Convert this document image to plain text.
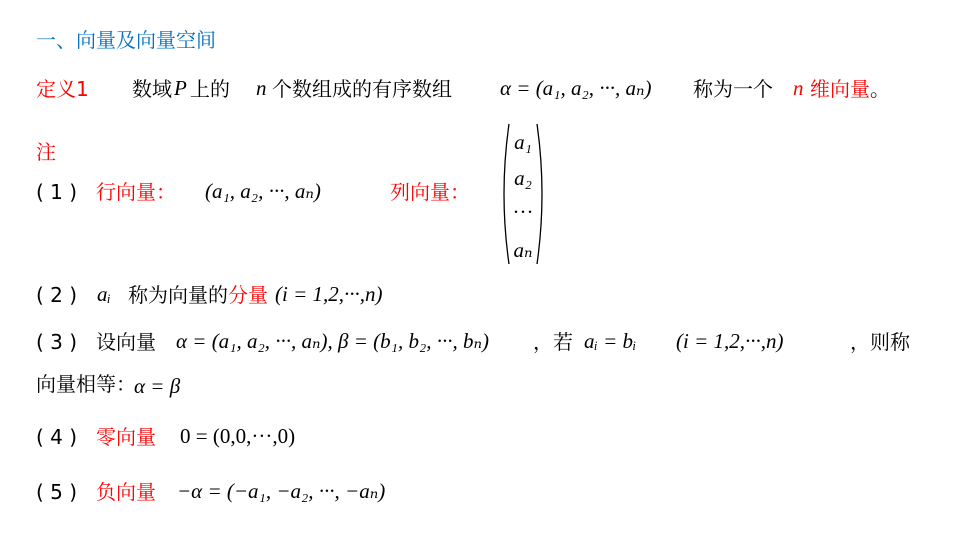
一、向量及向量空间
定义1 数域 P 上的 n 个数组成的有序数组 α = (a₁, a₂, ···, aₙ) 称为一个 n 维向量 。
注
( 1 ) 行向量： (a₁, a₂, ···, aₙ)	列向量：
a₁
a₂
···
aₙ
( 2 ) aᵢ 称为向量的 分量 (i = 1,2,···,n)
( 3 ) 设向量 α = (a₁, a₂, ···, aₙ), β = (b₁, b₂, ···, bₙ) ，若 aᵢ = bᵢ (i = 1,2,···,n)	，则称
向量相等：
α = β
( 4 ) 零向量 0 = (0,0,···,0)
( 5 ) 负向量 −α = (−a₁, −a₂, ···, −aₙ)
